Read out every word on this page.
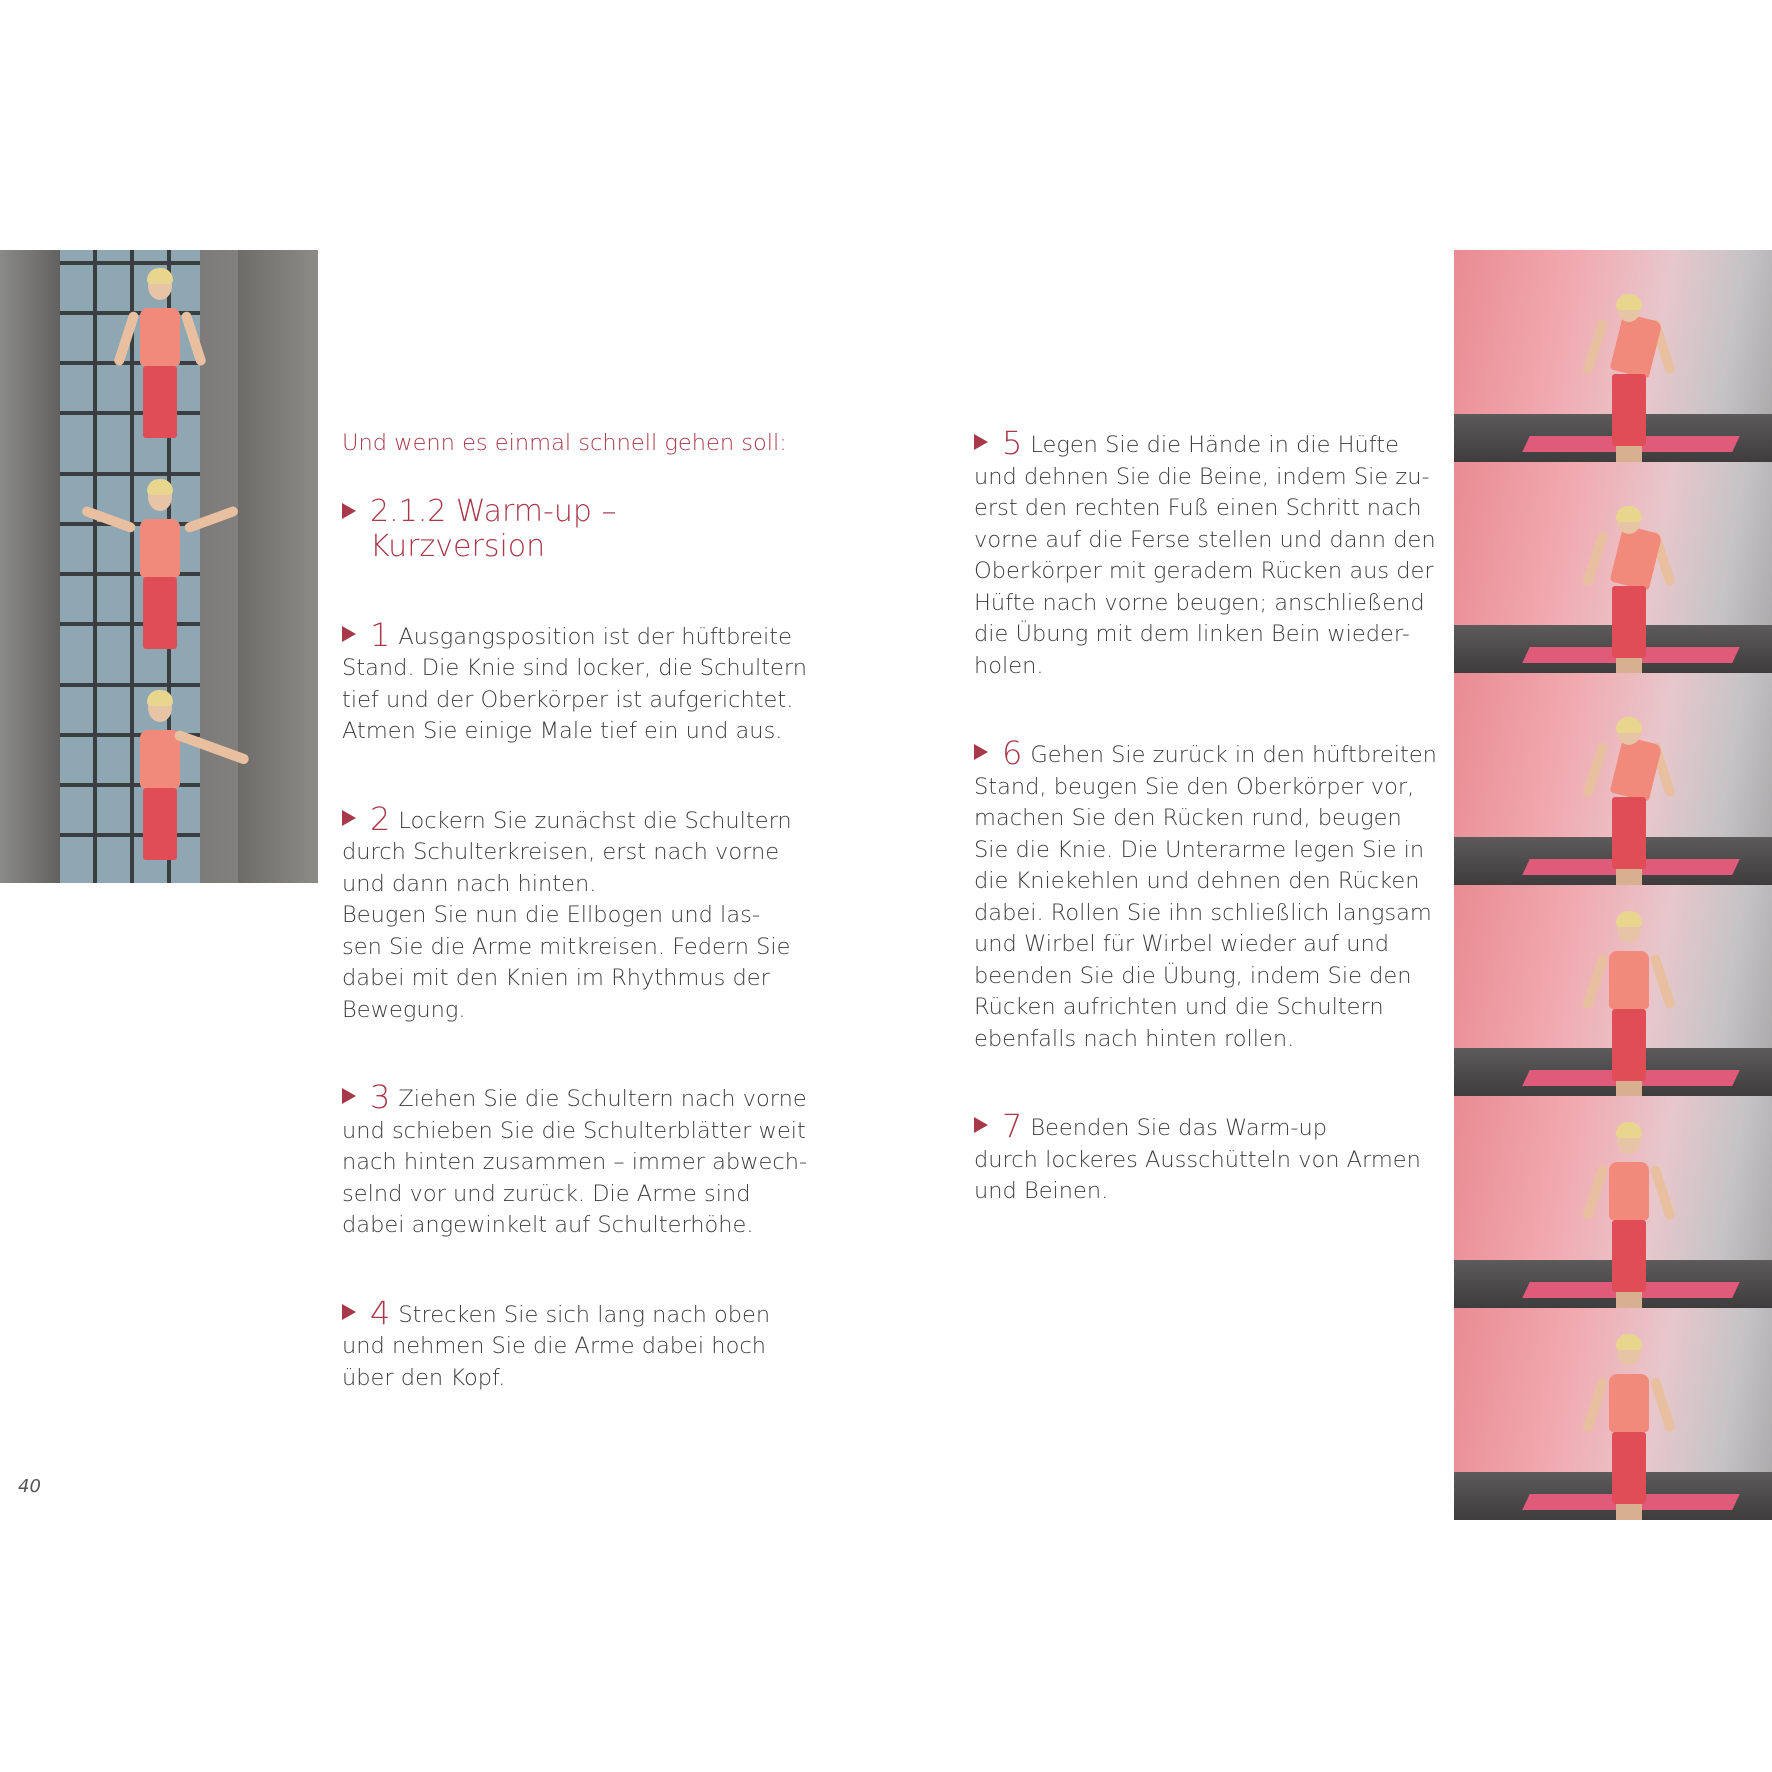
Und wenn es einmal schnell gehen soll:

2.1.2 Warm-up –
Kurzversion

1 Ausgangsposition ist der hüftbreite
Stand. Die Knie sind locker, die Schultern
tief und der Oberkörper ist aufgerichtet.
Atmen Sie einige Male tief ein und aus.

2 Lockern Sie zunächst die Schultern
durch Schulterkreisen, erst nach vorne
und dann nach hinten.
Beugen Sie nun die Ellbogen und las-
sen Sie die Arme mitkreisen. Federn Sie
dabei mit den Knien im Rhythmus der
Bewegung.

3 Ziehen Sie die Schultern nach vorne
und schieben Sie die Schulterblätter weit
nach hinten zusammen – immer abwech-
selnd vor und zurück. Die Arme sind
dabei angewinkelt auf Schulterhöhe.

4 Strecken Sie sich lang nach oben
und nehmen Sie die Arme dabei hoch
über den Kopf.

5 Legen Sie die Hände in die Hüfte
und dehnen Sie die Beine, indem Sie zu-
erst den rechten Fuß einen Schritt nach
vorne auf die Ferse stellen und dann den
Oberkörper mit geradem Rücken aus der
Hüfte nach vorne beugen; anschließend
die Übung mit dem linken Bein wieder-
holen.

6 Gehen Sie zurück in den hüftbreiten
Stand, beugen Sie den Oberkörper vor,
machen Sie den Rücken rund, beugen
Sie die Knie. Die Unterarme legen Sie in
die Kniekehlen und dehnen den Rücken
dabei. Rollen Sie ihn schließlich langsam
und Wirbel für Wirbel wieder auf und
beenden Sie die Übung, indem Sie den
Rücken aufrichten und die Schultern
ebenfalls nach hinten rollen.

7 Beenden Sie das Warm-up
durch lockeres Ausschütteln von Armen
und Beinen.

40
